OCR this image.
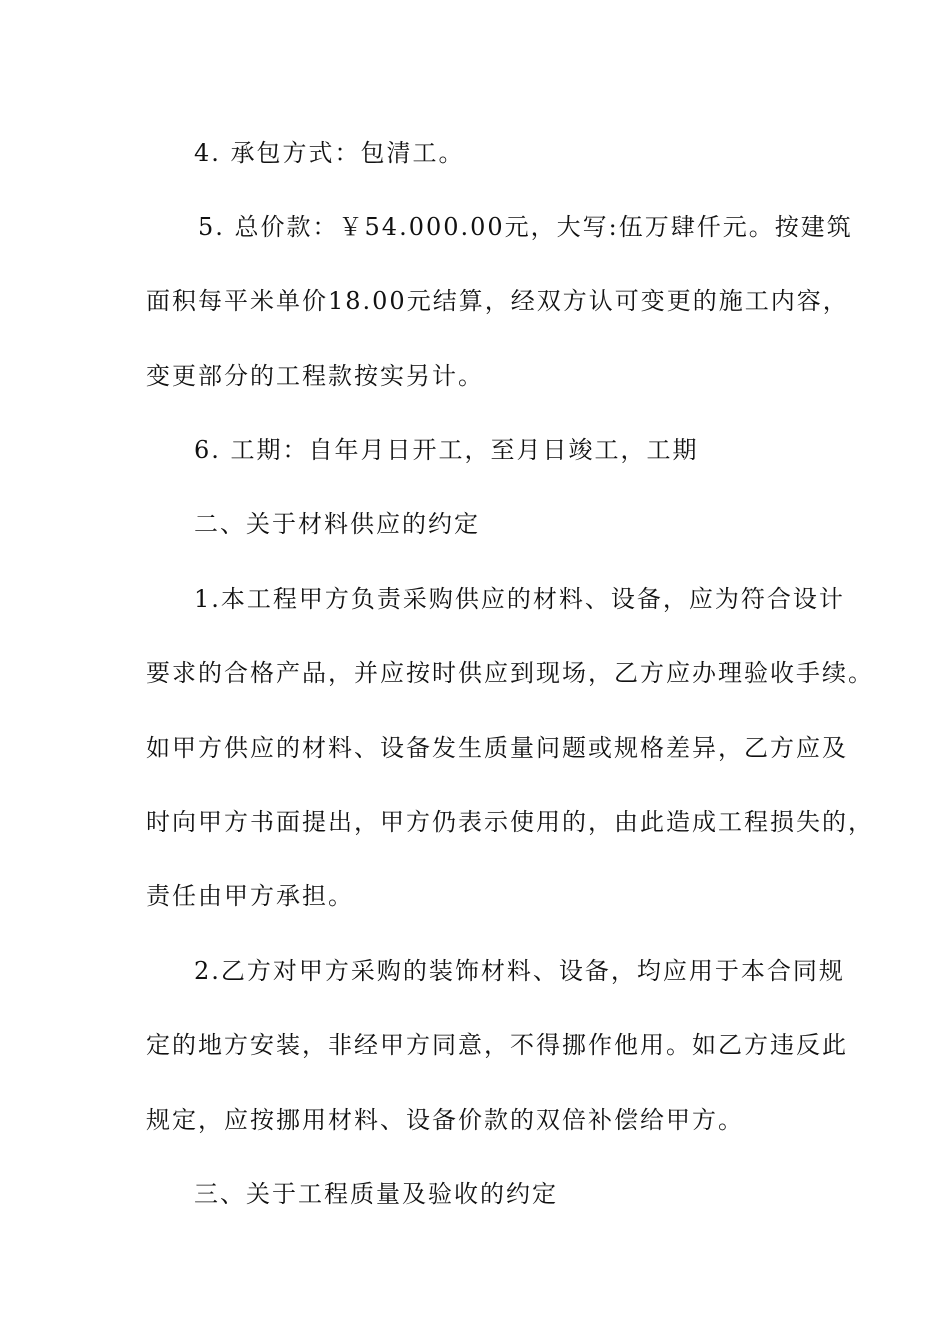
4. 承包方式：包清工。
5. 总价款：￥54.000.00元，大写:伍万肆仟元。按建筑
面积每平米单价18.00元结算，经双方认可变更的施工内容，
变更部分的工程款按实另计。
6. 工期：自年月日开工，至月日竣工，工期
二、关于材料供应的约定
1.本工程甲方负责采购供应的材料、设备，应为符合设计
要求的合格产品，并应按时供应到现场，乙方应办理验收手续。
如甲方供应的材料、设备发生质量问题或规格差异，乙方应及
时向甲方书面提出，甲方仍表示使用的，由此造成工程损失的，
责任由甲方承担。
2.乙方对甲方采购的装饰材料、设备，均应用于本合同规
定的地方安装，非经甲方同意，不得挪作他用。如乙方违反此
规定，应按挪用材料、设备价款的双倍补偿给甲方。
三、关于工程质量及验收的约定
